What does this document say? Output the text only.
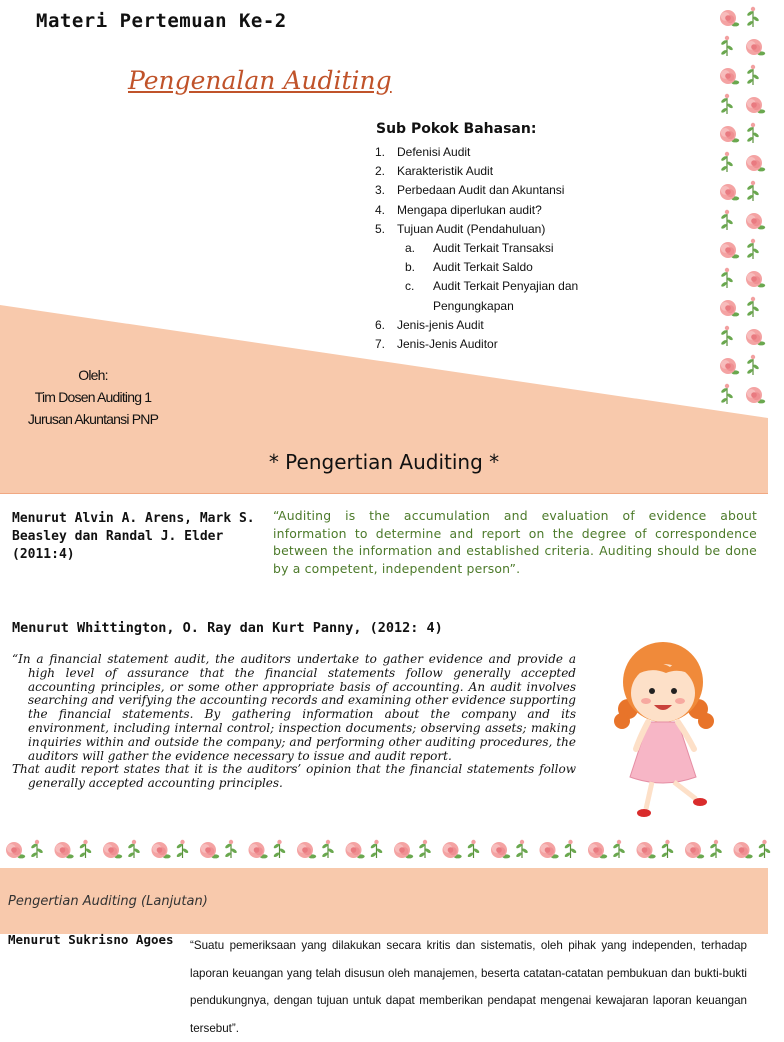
Materi Pertemuan Ke-2
Pengenalan Auditing
Sub Pokok Bahasan:
1. Defenisi Audit
2. Karakteristik Audit
3. Perbedaan Audit dan Akuntansi
4. Mengapa diperlukan audit?
5. Tujuan Audit (Pendahuluan)
a. Audit Terkait Transaksi
b. Audit Terkait Saldo
c. Audit Terkait Penyajian dan
Pengungkapan
6. Jenis-jenis Audit
7. Jenis-Jenis Auditor
Oleh:
Tim Dosen Auditing 1
Jurusan Akuntansi PNP
* Pengertian Auditing *
Menurut Alvin A. Arens, Mark S. Beasley dan Randal J. Elder (2011:4)
“Auditing is the accumulation and evaluation of evidence about information to determine and report on the degree of correspondence between the information and established criteria. Auditing should be done by a competent, independent person”.
Menurut Whittington, O. Ray dan Kurt Panny, (2012: 4)

“In a financial statement audit, the auditors undertake to gather evidence and provide a high level of assurance that the financial statements follow generally accepted accounting principles, or some other appropriate basis of accounting. An audit involves searching and verifying the accounting records and examining other evidence supporting the financial statements. By gathering information about the company and its environment, including internal control; inspection documents; observing assets; making inquiries within and outside the company; and performing other auditing procedures, the auditors will gather the evidence necessary to issue and audit report.

That audit report states that it is the auditors’ opinion that the financial statements follow generally accepted accounting principles.

Pengertian Auditing (Lanjutan)
Menurut Sukrisno Agoes “Suatu pemeriksaan yang dilakukan secara kritis dan sistematis, oleh pihak yang independen, terhadap laporan keuangan yang telah disusun oleh manajemen, beserta catatan-catatan pembukuan dan bukti-bukti pendukungnya, dengan tujuan untuk dapat memberikan pendapat mengenai kewajaran laporan keuangan tersebut”.
